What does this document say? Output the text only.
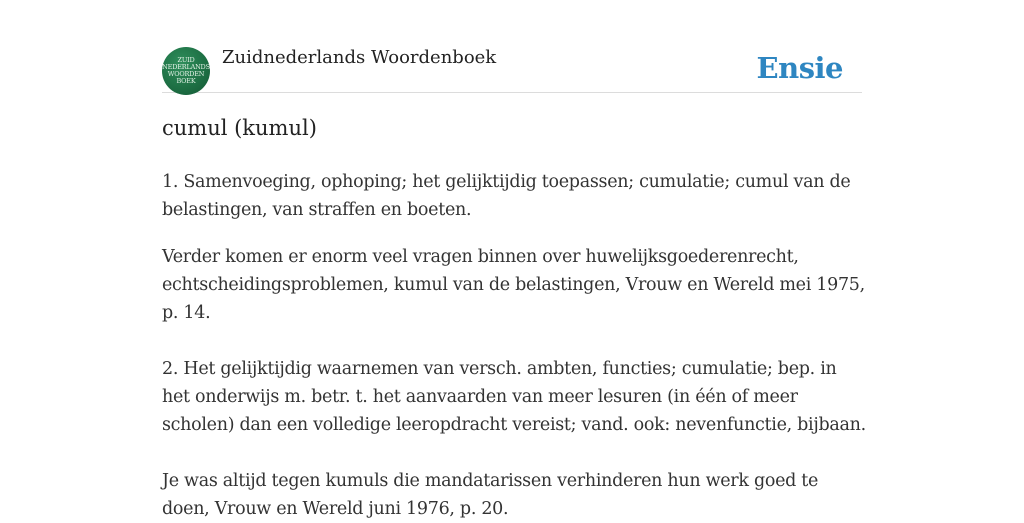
ZUID
NEDERLANDS
WOORDEN
BOEK
Zuidnederlands Woordenboek	Ensie
cumul (kumul)

1. Samenvoeging, ophoping; het gelijktijdig toepassen; cumulatie; cumul van de belastingen, van straffen en boeten.

Verder komen er enorm veel vragen binnen over huwelijksgoederenrecht, echtscheidingsproblemen, kumul van de belastingen, Vrouw en Wereld mei 1975, p. 14.

2. Het gelijktijdig waarnemen van versch. ambten, functies; cumulatie; bep. in het onderwijs m. betr. t. het aanvaarden van meer lesuren (in één of meer scholen) dan een volledige leeropdracht vereist; vand. ook: nevenfunctie, bijbaan.

Je was altijd tegen kumuls die mandatarissen verhinderen hun werk goed te doen, Vrouw en Wereld juni 1976, p. 20.
